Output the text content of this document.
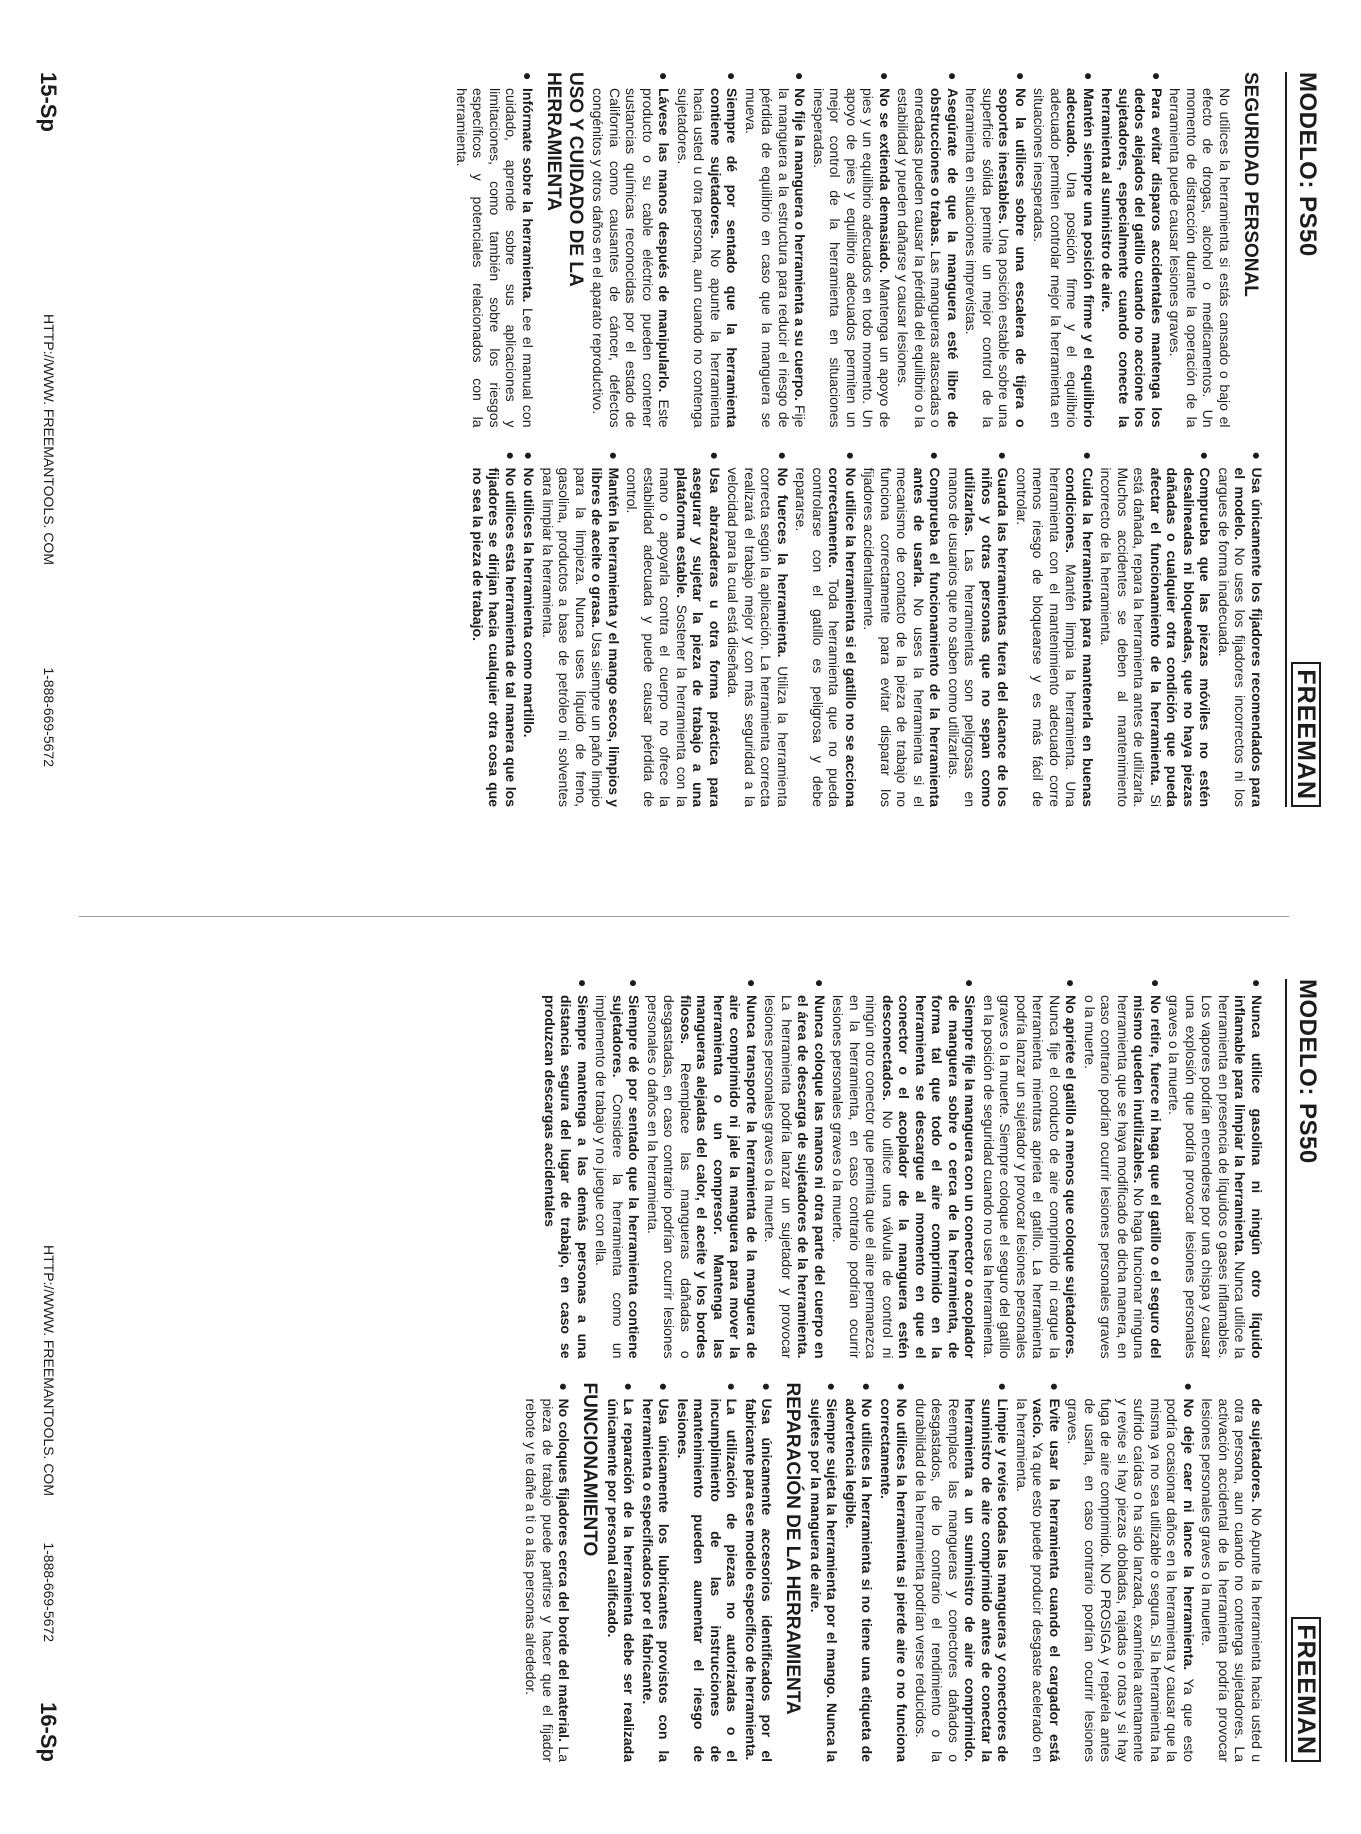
MODELO: PS50
FREEMAN
SEGURIDAD PERSONAL

No utilices la herramienta si estás cansado o bajo el efecto de drogas, alcohol o medicamentos. Un momento de distracción durante la operación de la herramienta puede causar lesiones graves.

●
Para evitar disparos accidentales mantenga los dedos alejados del gatillo cuando no accione los sujetadores, especialmente cuando conecte la herramienta al suministro de aire.
●
Mantén siempre una posición firme y el equilibrio adecuado. Una posición firme y el equilibrio adecuado permiten controlar mejor la herramienta en situaciones inesperadas.
●
No la utilices sobre una escalera de tijera o soportes inestables. Una posición estable sobre una superficie sólida permite un mejor control de la herramienta en situaciones imprevistas.
●
Asegúrate de que la manguera esté libre de obstrucciones o trabas. Las mangueras atascadas o enredadas pueden causar la pérdida del equilibrio o la estabilidad y pueden dañarse y causar lesiones.
●
No se extienda demasiado. Mantenga un apoyo de pies y un equilibrio adecuados en todo momento. Un apoyo de pies y equilibrio adecuados permiten un mejor control de la herramienta en situaciones inesperadas.
●
No fije la manguera o herramienta a su cuerpo. Fije la manguera a la estructura para reducir el riesgo de pérdida de equilibrio en caso que la manguera se mueva.
●
Siempre dé por sentado que la herramienta contiene sujetadores. No apunte la herramienta hacia usted u otra persona, aun cuando no contenga sujetadores.
●
Lávese las manos después de manipularlo. Este producto o su cable eléctrico pueden contener sustancias químicas reconocidas por el estado de California como causantes de cáncer, defectos congénitos y otros daños en el aparato reproductivo.
USO Y CUIDADO DE LA HERRAMIENTA
●
Infórmate sobre la herramienta. Lee el manual con cuidado, aprende sobre sus aplicaciones y limitaciones, como también sobre los riesgos específicos y potenciales relacionados con la herramienta.
●
Usa únicamente los fijadores recomendados para el modelo. No uses los fijadores incorrectos ni los cargues de forma inadecuada.
●
Comprueba que las piezas móviles no estén desalineadas ni bloqueadas, que no haya piezas dañadas o cualquier otra condición que pueda afectar el funcionamiento de la herramienta. Si está dañada, repara la herramienta antes de utilizarla. Muchos accidentes se deben al mantenimiento incorrecto de la herramienta.
●
Cuida la herramienta para mantenerla en buenas condiciones. Mantén limpia la herramienta. Una herramienta con el mantenimiento adecuado corre menos riesgo de bloquearse y es más fácil de controlar.
●
Guarda las herramientas fuera del alcance de los niños y otras personas que no sepan como utilizarlas. Las herramientas son peligrosas en manos de usuarios que no saben como utilizarlas.
●
Comprueba el funcionamiento de la herramienta antes de usarla. No uses la herramienta si el mecanismo de contacto de la pieza de trabajo no funciona correctamente para evitar disparar los fijadores accidentalmente.
●
No utilice la herramienta si el gatillo no se acciona correctamente. Toda herramienta que no pueda controlarse con el gatillo es peligrosa y debe repararse.
●
No fuerces la herramienta. Utiliza la herramienta correcta según la aplicación. La herramienta correcta realizará el trabajo mejor y con más seguridad a la velocidad para la cual está diseñada.
●
Usa abrazaderas u otra forma práctica para asegurar y sujetar la pieza de trabajo a una plataforma estable. Sostener la herramienta con la mano o apoyarla contra el cuerpo no ofrece la estabilidad adecuada y puede causar pérdida de control.
●
Mantén la herramienta y el mango secos, limpios y libres de aceite o grasa. Usa siempre un paño limpio para la limpieza. Nunca uses líquido de freno, gasolina, productos a base de petróleo ni solventes para limpiar la herramienta.
●
No utilices la herramienta como martillo.
●
No utilices esta herramienta de tal manera que los fijadores se dirijan hacia cualquier otra cosa que no sea la pieza de trabajo.
15-Sp
HTTP://WWW. FREEMANTOOLS. COM
1-888-669-5672
MODELO: PS50
FREEMAN
●
Nunca utilice gasolina ni ningún otro líquido inflamable para limpiar la herramienta. Nunca utilice la herramienta en presencia de líquidos o gases inflamables. Los vapores podrían encenderse por una chispa y causar una explosión que podría provocar lesiones personales graves o la muerte.
●
No retire, fuerce ni haga que el gatillo o el seguro del mismo queden inutilizables. No haga funcionar ninguna herramienta que se haya modificado de dicha manera, en caso contrario podrían ocurrir lesiones personales graves o la muerte.
●
No apriete el gatillo a menos que coloque sujetadores. Nunca fije el conducto de aire comprimido ni cargue la herramienta mientras aprieta el gatillo. La herramienta podría lanzar un sujetador y provocar lesiones personales graves o la muerte. Siempre coloque el seguro del gatillo en la posición de seguridad cuando no use la herramienta.
●
Siempre fije la manguera con un conector o acoplador de manguera sobre o cerca de la herramienta, de forma tal que todo el aire comprimido en la herramienta se descargue al momento en que el conector o el acoplador de la manguera estén desconectados. No utilice una válvula de control ni ningún otro conector que permita que el aire permanezca en la herramienta, en caso contrario podrían ocurrir lesiones personales graves o la muerte.
●
Nunca coloque las manos ni otra parte del cuerpo en el área de descarga de sujetadores de la herramienta. La herramienta podría lanzar un sujetador y provocar lesiones personales graves o la muerte.
●
Nunca transporte la herramienta de la manguera de aire comprimido ni jale la manguera para mover la herramienta o un compresor. Mantenga las mangueras alejadas del calor, el aceite y los bordes filosos. Reemplace las mangueras dañadas o desgastadas, en caso contrario podrían ocurrir lesiones personales o daños en la herramienta.
●
Siempre dé por sentado que la herramienta contiene sujetadores. Considere la herramienta como un implemento de trabajo y no juegue con ella.
●
Siempre mantenga a las demás personas a una distancia segura del lugar de trabajo, en caso se produzcan descargas accidentales

de sujetadores. No Apunte la herramienta hacia usted u otra persona, aun cuando no contenga sujetadores. La activación accidental de la herramienta podría provocar lesiones personales graves o la muerte.

●
No deje caer ni lance la herramienta. Ya que esto podría ocasionar daños en la herramienta y causar que la misma ya no sea utilizable o segura. Si la herramienta ha sufrido caídas o ha sido lanzada, examínela atentamente y revise si hay piezas dobladas, rajadas o rotas y si hay fuga de aire comprimido. NO PROSIGA y repárela antes de usarla, en caso contrario podrían ocurrir lesiones graves.
●
Evite usar la herramienta cuando el cargador está vacío. Ya que esto puede producir desgaste acelerado en la herramienta.
●
Limpie y revise todas las mangueras y conectores de suministro de aire comprimido antes de conectar la herramienta a un suministro de aire comprimido. Reemplace las mangueras y conectores dañados o desgastados, de lo contrario el rendimiento o la durabilidad de la herramienta podrían verse reducidos.
●
No utilices la herramienta si pierde aire o no funciona correctamente.
●
No utilices la herramienta si no tiene una etiqueta de advertencia legible.
●
Siempre sujeta la herramienta por el mango. Nunca la sujetes por la manguera de aire.
REPARACIÓN DE LA HERRAMIENTA
●
Usa únicamente accesorios identificados por el fabricante para ese modelo específico de herramienta.
●
La utilización de piezas no autorizadas o el incumplimiento de las instrucciones de mantenimiento pueden aumentar el riesgo de lesiones.
●
Usa únicamente los lubricantes provistos con la herramienta o especificados por el fabricante.
●
La reparación de la herramienta debe ser realizada únicamente por personal calificado.
FUNCIONAMIENTO
●
No coloques fijadores cerca del borde del material. La pieza de trabajo puede partirse y hacer que el fijador rebote y te dañe a ti o a las personas alrededor.
HTTP://WWW. FREEMANTOOLS. COM
1-888-669-5672
16-Sp
